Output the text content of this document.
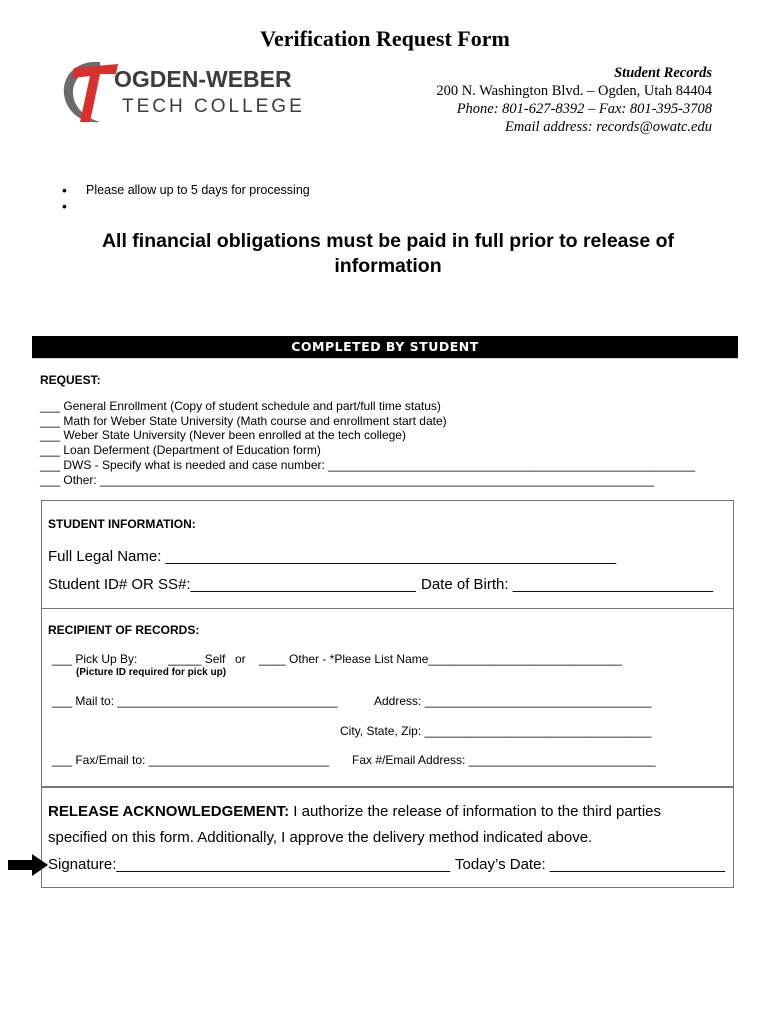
Verification Request Form
OGDEN-WEBER
TECH COLLEGE
Student Records
200 N. Washington Blvd. – Ogden, Utah 84404
Phone: 801-627-8392 – Fax: 801-395-3708
Email address: records@owatc.edu
• Please allow up to 5 days for processing
•
All financial obligations must be paid in full prior to release of
information
COMPLETED BY STUDENT
REQUEST:
___ General Enrollment (Copy of student schedule and part/full time status)
___ Math for Weber State University (Math course and enrollment start date)
___ Weber State University (Never been enrolled at the tech college)
___ Loan Deferment (Department of Education form)
___ DWS - Specify what is needed and case number: _______________________________________________________
___ Other: ___________________________________________________________________________________
STUDENT INFORMATION:
Full Legal Name: ______________________________________________________
Student ID# OR SS#:___________________________ Date of Birth: ________________________
RECIPIENT OF RECORDS:
___ Pick Up By:	_____ Self or ____ Other - *Please List Name_____________________________
(Picture ID required for pick up)
___ Mail to: _________________________________	Address: __________________________________
City, State, Zip: __________________________________
___ Fax/Email to: ___________________________ Fax #/Email Address: ____________________________
RELEASE ACKNOWLEDGEMENT: I authorize the release of information to the third parties
specified on this form. Additionally, I approve the delivery method indicated above.
Signature:________________________________________ Today’s Date: _____________________
